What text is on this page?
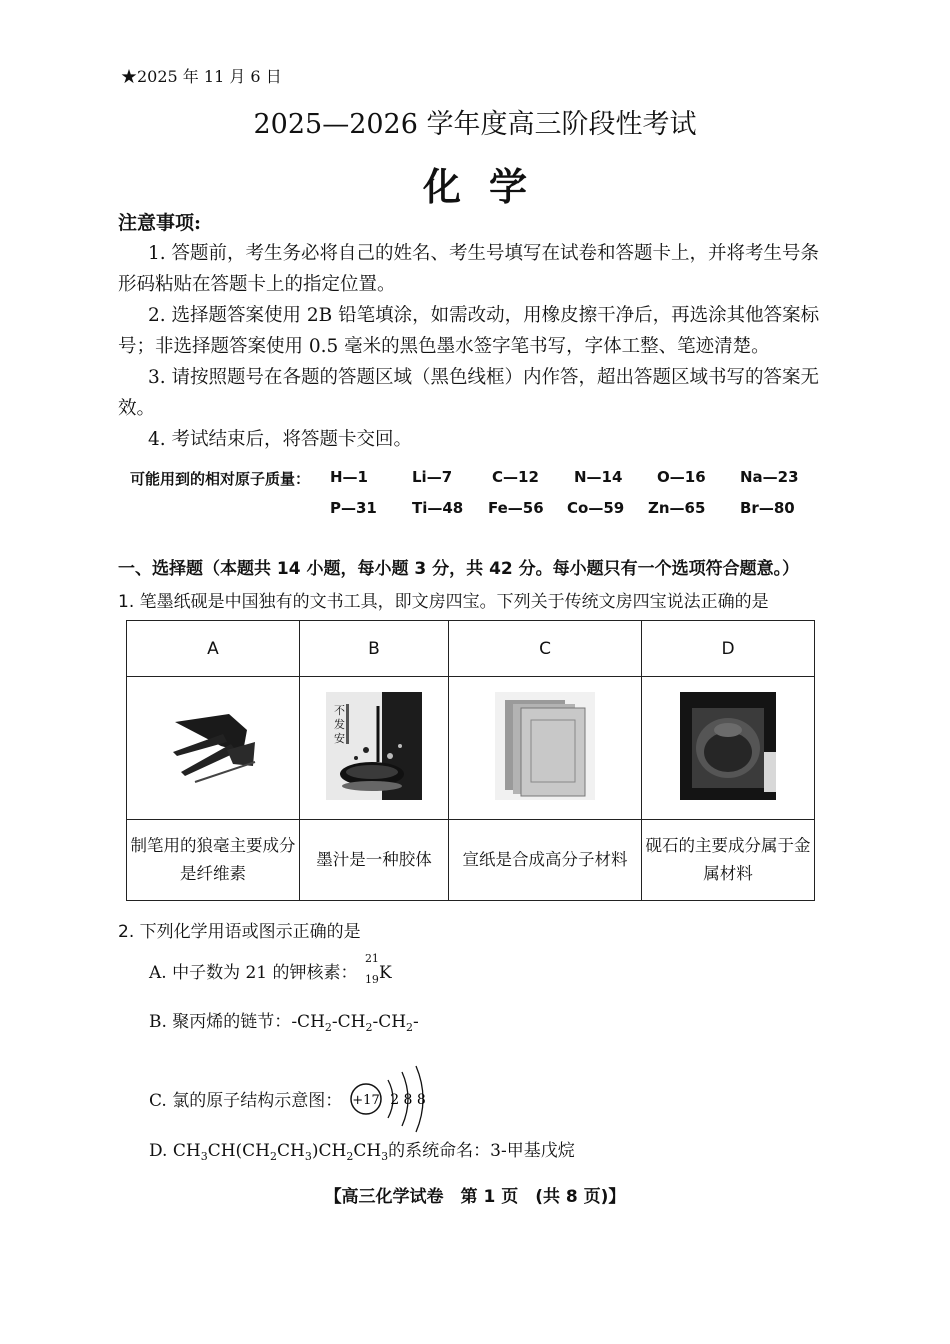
★2025 年 11 月 6 日
2025—2026 学年度高三阶段性考试
化学
注意事项:

1. 答题前，考生务必将自己的姓名、考生号填写在试卷和答题卡上，并将考生号条形码粘贴在答题卡上的指定位置。

2. 选择题答案使用 2B 铅笔填涂，如需改动，用橡皮擦干净后，再选涂其他答案标号；非选择题答案使用 0.5 毫米的黑色墨水签字笔书写，字体工整、笔迹清楚。

3. 请按照题号在各题的答题区域（黑色线框）内作答，超出答题区域书写的答案无效。

4. 考试结束后，将答题卡交回。

可能用到的相对原子质量： H—1	Li—7	C—12 N—14 O—16 Na—23
P—31 Ti—48 Fe—56 Co—59 Zn—65 Br—80
一、选择题（本题共 14 小题，每小题 3 分，共 42 分。每小题只有一个选项符合题意。）
1. 笔墨纸砚是中国独有的文书工具，即文房四宝。下列关于传统文房四宝说法正确的是
A	B	C	D

不
发
安

制笔用的狼毫主要成分是纤维素	墨汁是一种胶体	宣纸是合成高分子材料	砚石的主要成分属于金属材料
2. 下列化学用语或图示正确的是
A. 中子数为 21 的钾核素：
21
19 K
B. 聚丙烯的链节：$-CH_2-CH_2-CH_2-$
C. 氯的原子结构示意图： +17 2 8 8
D. $CH_3CH(CH_2CH_3)CH_2CH_3$的系统命名：3-甲基戊烷
【高三化学试卷　第 1 页　(共 8 页)】
